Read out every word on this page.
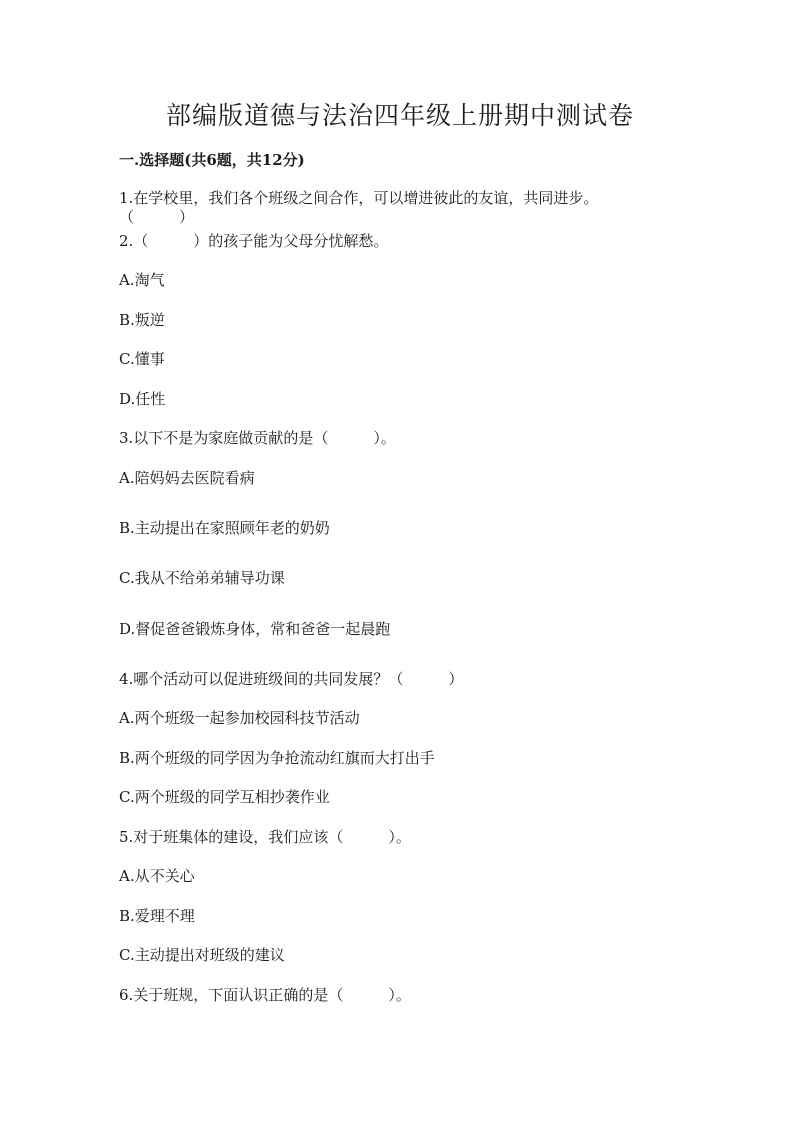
部编版道德与法治四年级上册期中测试卷

一.选择题(共6题，共12分)

1.在学校里，我们各个班级之间合作，可以增进彼此的友谊，共同进步。

（　　　）

2.（　　　）的孩子能为父母分忧解愁。

A.淘气

B.叛逆

C.懂事

D.任性

3.以下不是为家庭做贡献的是（　　　）。

A.陪妈妈去医院看病

B.主动提出在家照顾年老的奶奶

C.我从不给弟弟辅导功课

D.督促爸爸锻炼身体，常和爸爸一起晨跑

4.哪个活动可以促进班级间的共同发展？（　　　）

A.两个班级一起参加校园科技节活动

B.两个班级的同学因为争抢流动红旗而大打出手

C.两个班级的同学互相抄袭作业

5.对于班集体的建设，我们应该（　　　）。

A.从不关心

B.爱理不理

C.主动提出对班级的建议

6.关于班规，下面认识正确的是（　　　）。
